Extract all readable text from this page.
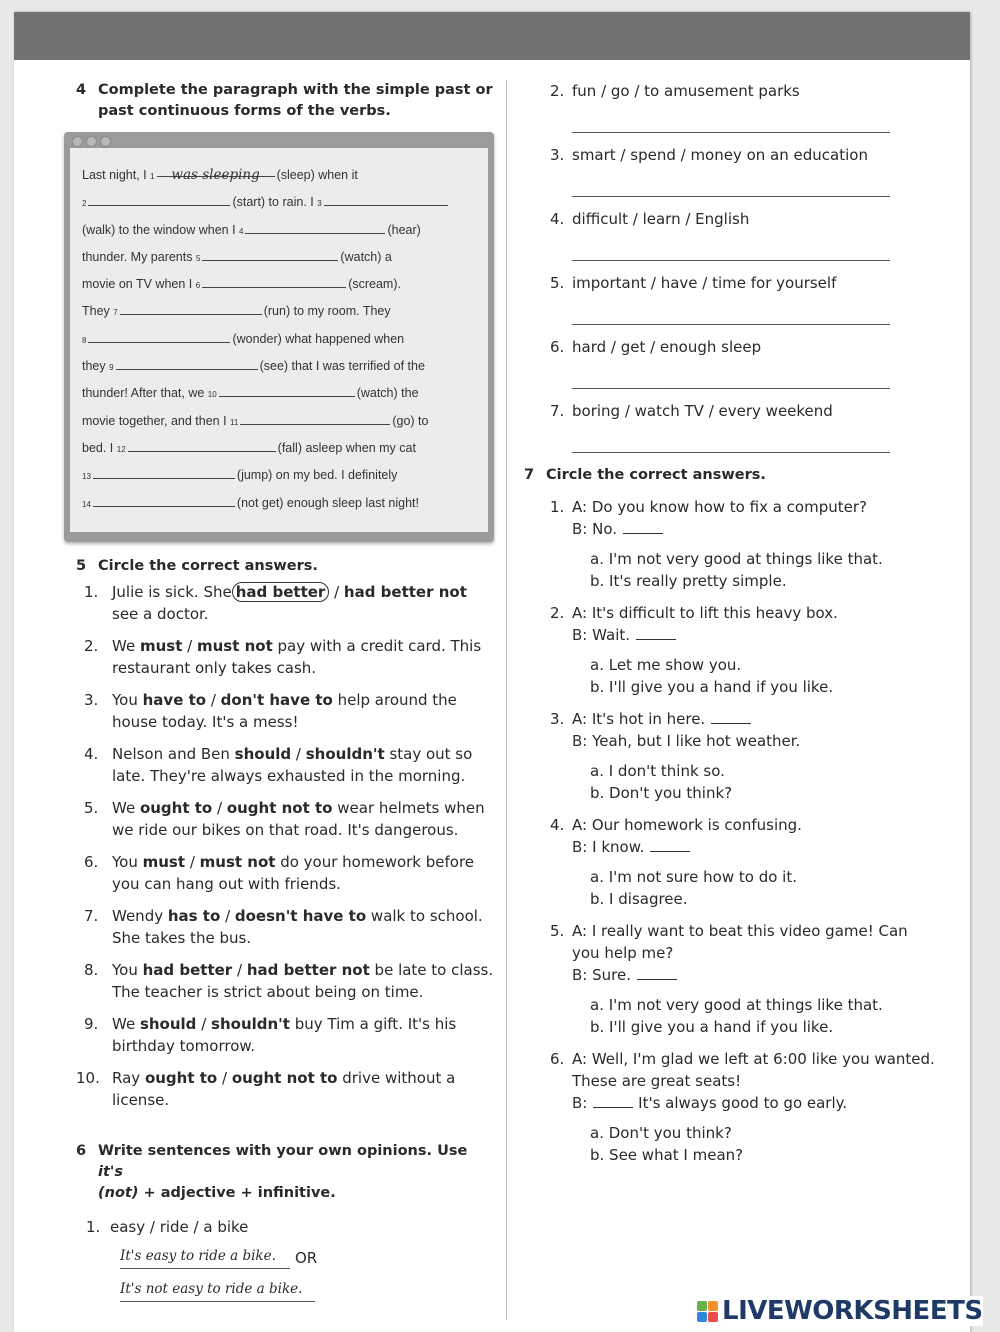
4 Complete the paragraph with the simple past or past continuous forms of the verbs.
Last night, I
1	was sleeping	(sleep) when it
2	(start) to rain. I
3
(walk) to the window when I
4	(hear)
thunder. My parents
5	(watch) a
movie on TV when I
6	(scream).
They
7	(run) to my room. They
8	(wonder) what happened when
they
9	(see) that I was terrified of the
thunder! After that, we
10	(watch) the
movie together, and then I
11	(go) to
bed. I
12	(fall) asleep when my cat
13	(jump) on my bed. I definitely
14	(not get) enough sleep last night!
5 Circle the correct answers.
1. Julie is sick. She had better / had better not see a doctor.
2. We must / must not pay with a credit card. This restaurant only takes cash.
3. You have to / don't have to help around the house today. It's a mess!
4. Nelson and Ben should / shouldn't stay out so late. They're always exhausted in the morning.
5. We ought to / ought not to wear helmets when we ride our bikes on that road. It's dangerous.
6. You must / must not do your homework before you can hang out with friends.
7. Wendy has to / doesn't have to walk to school. She takes the bus.
8. You had better / had better not be late to class. The teacher is strict about being on time.
9. We should / shouldn't buy Tim a gift. It's his birthday tomorrow.
10. Ray ought to / ought not to drive without a license.
6 Write sentences with your own opinions. Use it's
(not) + adjective + infinitive.
1. easy / ride / a bike
It's easy to ride a bike.	OR
It's not easy to ride a bike.
2. fun / go / to amusement parks
3. smart / spend / money on an education
4. difficult / learn / English
5. important / have / time for yourself
6. hard / get / enough sleep
7. boring / watch TV / every weekend
7 Circle the correct answers.
1. A: Do you know how to fix a computer?
B: No.
a. I'm not very good at things like that.
b. It's really pretty simple.
2. A: It's difficult to lift this heavy box.
B: Wait.
a. Let me show you.
b. I'll give you a hand if you like.
3. A: It's hot in here.
B: Yeah, but I like hot weather.
a. I don't think so.
b. Don't you think?
4. A: Our homework is confusing.
B: I know.
a. I'm not sure how to do it.
b. I disagree.
5. A: I really want to beat this video game! Can you help me?
B: Sure.
a. I'm not very good at things like that.
b. I'll give you a hand if you like.
6. A: Well, I'm glad we left at 6:00 like you wanted. These are great seats!
B:	It's always good to go early.
a. Don't you think?
b. See what I mean?
LIVEWORKSHEETS
